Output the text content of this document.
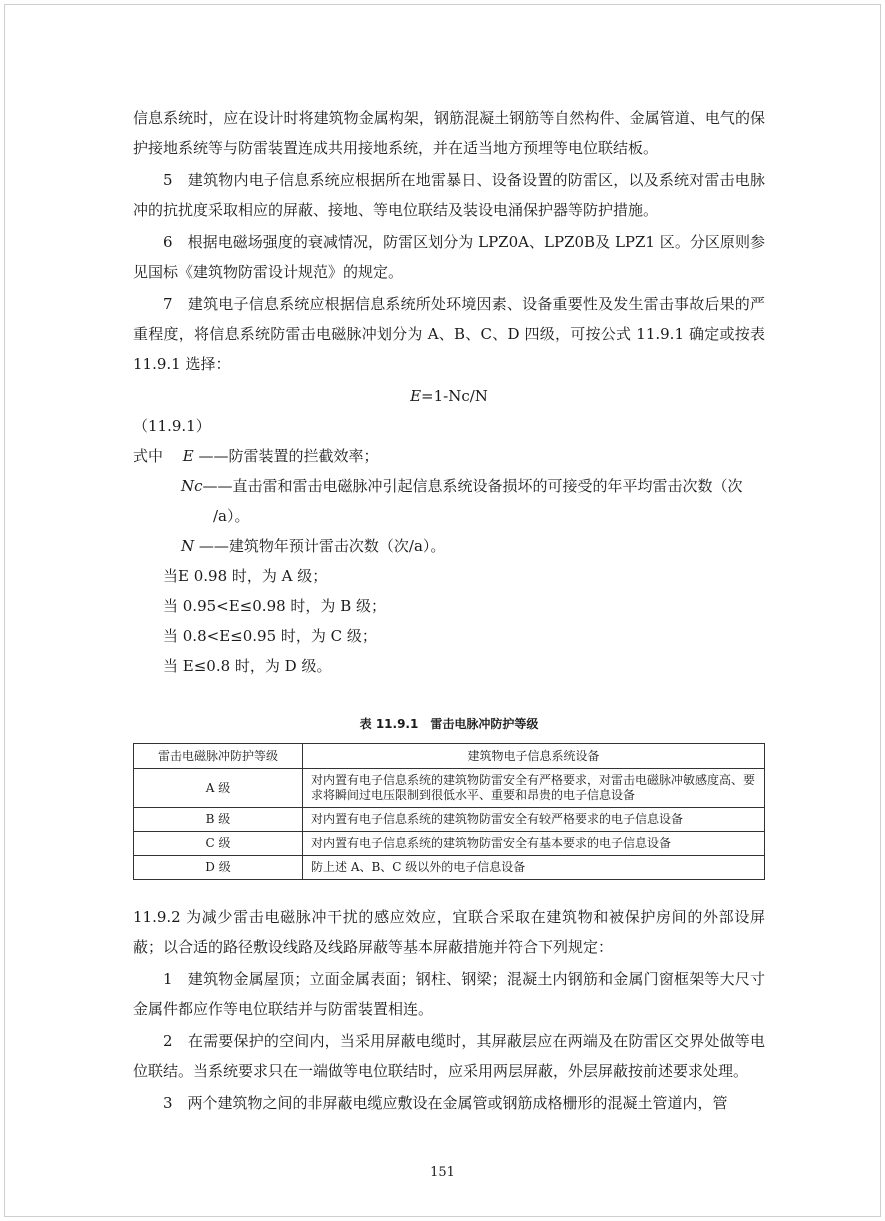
信息系统时，应在设计时将建筑物金属构架，钢筋混凝土钢筋等自然构件、金属管道、电气的保护接地系统等与防雷装置连成共用接地系统，并在适当地方预埋等电位联结板。

5　建筑物内电子信息系统应根据所在地雷暴日、设备设置的防雷区，以及系统对雷击电脉冲的抗扰度采取相应的屏蔽、接地、等电位联结及装设电涌保护器等防护措施。

6　根据电磁场强度的衰减情况，防雷区划分为 LPZ0A、LPZ0B及 LPZ1 区。分区原则参见国标《建筑物防雷设计规范》的规定。

7　建筑电子信息系统应根据信息系统所处环境因素、设备重要性及发生雷击事故后果的严重程度，将信息系统防雷击电磁脉冲划分为 A、B、C、D 四级，可按公式 11.9.1 确定或按表 11.9.1 选择：

E=1-Nc/N

（11.9.1）

式中　 E ——防雷装置的拦截效率；

Nc——直击雷和雷击电磁脉冲引起信息系统设备损坏的可接受的年平均雷击次数（次
/a）。

N ——建筑物年预计雷击次数（次/a）。

当E 0.98 时，为 A 级；

当 0.95<E≤0.98 时，为 B 级；

当 0.8<E≤0.95 时，为 C 级；

当 E≤0.8 时，为 D 级。

表 11.9.1　雷击电脉冲防护等级
雷击电磁脉冲防护等级	建筑物电子信息系统设备
A 级	对内置有电子信息系统的建筑物防雷安全有严格要求，对雷击电磁脉冲敏感度高、要求将瞬间过电压限制到很低水平、重要和昂贵的电子信息设备
B 级	对内置有电子信息系统的建筑物防雷安全有较严格要求的电子信息设备
C 级	对内置有电子信息系统的建筑物防雷安全有基本要求的电子信息设备
D 级	防上述 A、B、C 级以外的电子信息设备

11.9.2 为减少雷击电磁脉冲干扰的感应效应，宜联合采取在建筑物和被保护房间的外部设屏蔽；以合适的路径敷设线路及线路屏蔽等基本屏蔽措施并符合下列规定：

1　建筑物金属屋顶；立面金属表面；钢柱、钢梁；混凝土内钢筋和金属门窗框架等大尺寸金属件都应作等电位联结并与防雷装置相连。

2　在需要保护的空间内，当采用屏蔽电缆时，其屏蔽层应在两端及在防雷区交界处做等电位联结。当系统要求只在一端做等电位联结时，应采用两层屏蔽，外层屏蔽按前述要求处理。

3　两个建筑物之间的非屏蔽电缆应敷设在金属管或钢筋成格栅形的混凝土管道内，管

151
